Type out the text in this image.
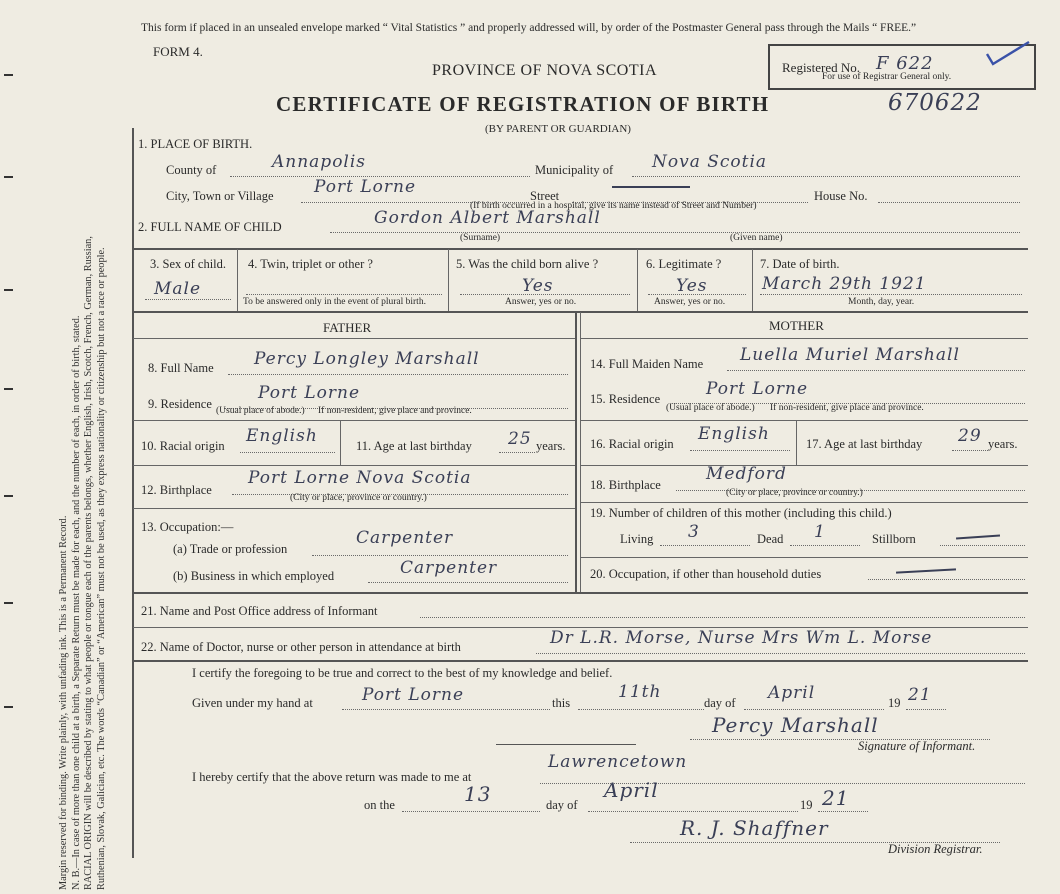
Margin reserved for binding. Write plainly, with unfading ink. This is a Permanent Record. N. B.—In case of more than one child at a birth, a Separate Return must be made for each, and the number of each, in order of birth, stated. RACIAL ORIGIN will be described by stating to what people or tongue each of the parents belongs, whether English, Irish, Scotch, French, German, Russian, Ruthenian, Slovak, Galician, etc. The words “Canadian” or “American” must not be used, as they express nationality or citizenship but not a race or people.
This form if placed in an unsealed envelope marked “ Vital Statistics ” and properly addressed will, by order of the Postmaster General pass through the Mails “ FREE.”
FORM 4.
PROVINCE OF NOVA SCOTIA
CERTIFICATE OF REGISTRATION OF BIRTH
(BY PARENT OR GUARDIAN)
670622
Registered No. F 622
For use of Registrar General only.
1. PLACE OF BIRTH.
County of	Annapolis	Municipality of Nova Scotia
City, Town or Village Port Lorne	Street	House No.
(If birth occurred in a hospital, give its name instead of Street and Number)
2. FULL NAME OF CHILD	Gordon Albert Marshall
(Surname)	(Given name)
3. Sex of child.
Male
4. Twin, triplet or other ?
To be answered only in the event of plural birth.
5. Was the child born alive ?
Yes
Answer, yes or no.
6. Legitimate ?
Yes
Answer, yes or no.
7. Date of birth.
March 29th 1921
Month, day, year.
FATHER	MOTHER
8. Full Name Percy Longley Marshall
9. Residence
Port Lorne
(Usual place of abode.) If non-resident, give place and province.
10. Racial origin English	11. Age at last birthday 25 years.
12. Birthplace
Port Lorne Nova Scotia
(City or place, province or country.)
13. Occupation:—
(a) Trade or profession
Carpenter
(b) Business in which employed	Carpenter
14. Full Maiden Name Luella Muriel Marshall
15. Residence	Port Lorne
(Usual place of abode.) If non-resident, give place and province.
16. Racial origin English	17. Age at last birthday 29 years.
18. Birthplace
Medford
(City or place, province or country.)
19. Number of children of this mother (including this child.)
Living 3	Dead 1	Stillborn
20. Occupation, if other than household duties
21. Name and Post Office address of Informant
22. Name of Doctor, nurse or other person in attendance at birth	Dr L.R. Morse, Nurse Mrs Wm L. Morse
I certify the foregoing to be true and correct to the best of my knowledge and belief.
Given under my hand at	Port Lorne	this
11th
day of April	19 21
Percy Marshall
Signature of Informant.
I hereby certify that the above return was made to me at
Lawrencetown
on the	13	day of
April
19 21
R. J. Shaffner
Division Registrar.
